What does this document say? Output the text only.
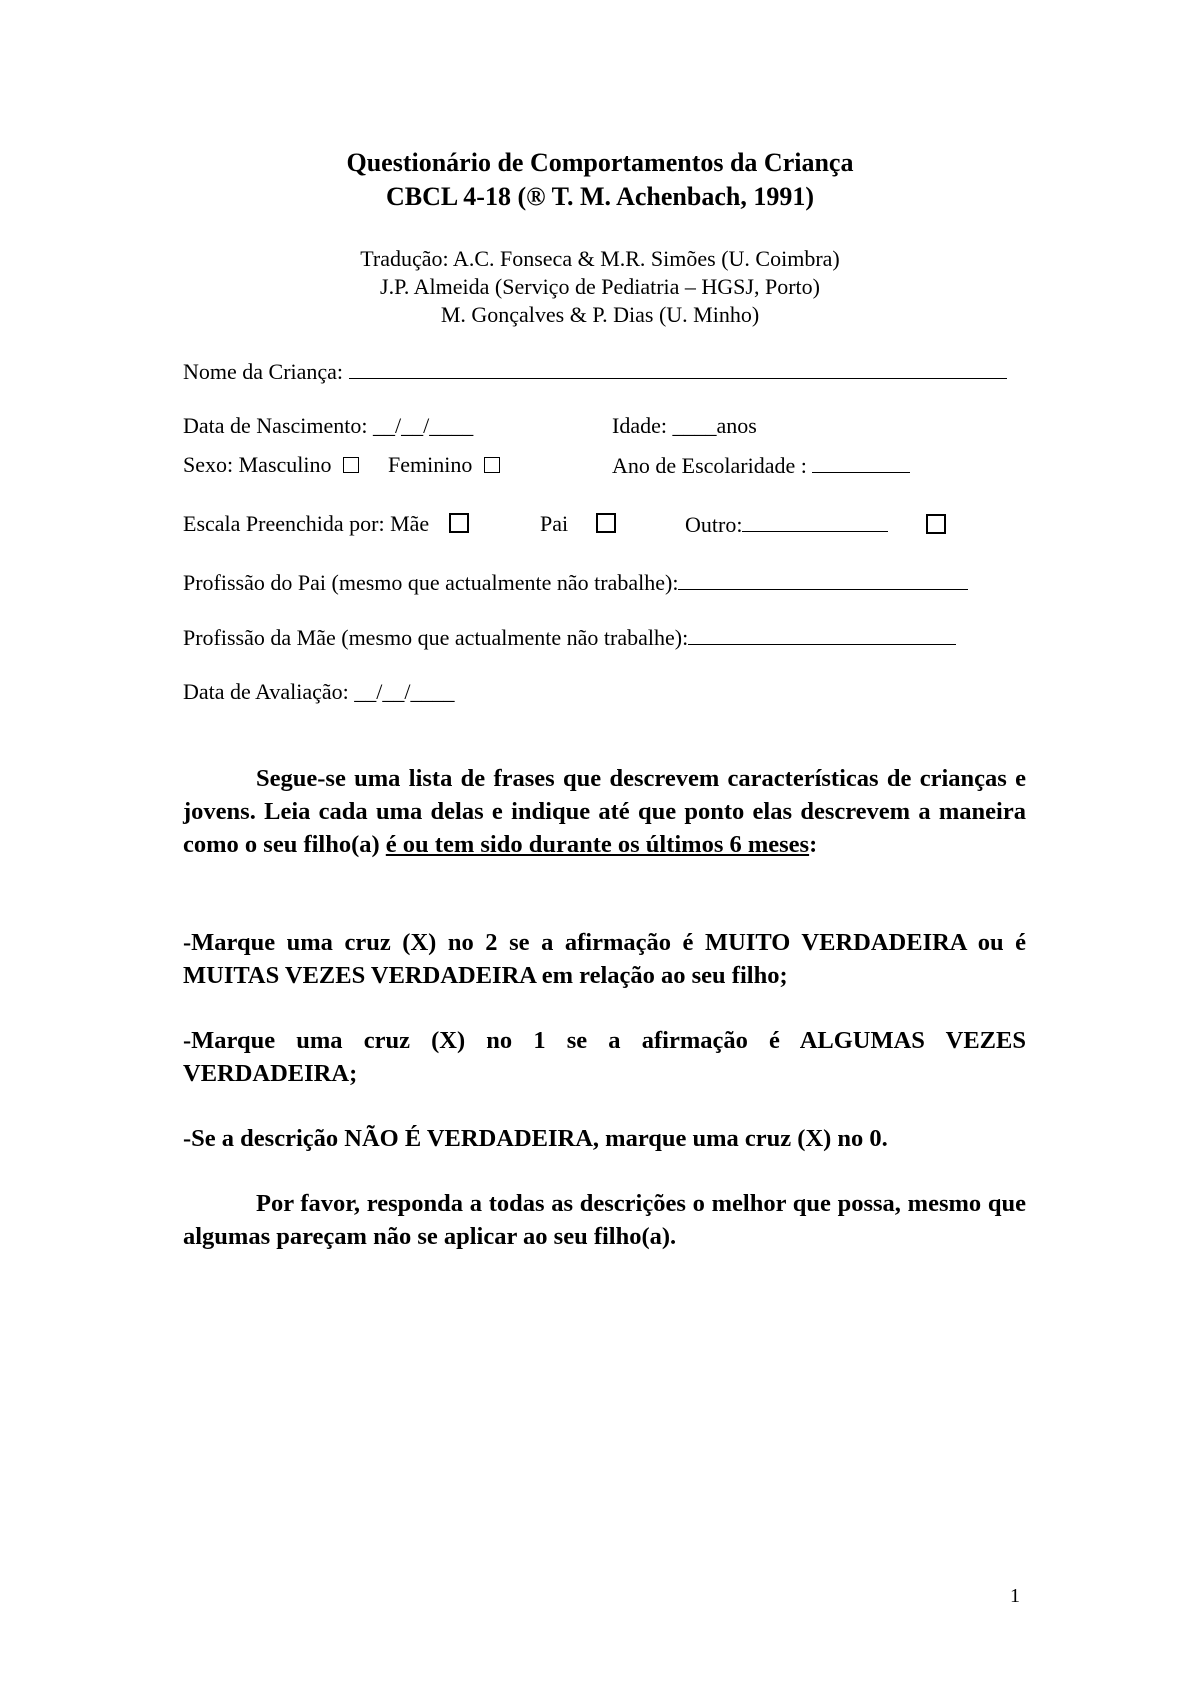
Questionário de Comportamentos da Criança
CBCL 4-18 (® T. M. Achenbach, 1991)
Tradução: A.C. Fonseca & M.R. Simões (U. Coimbra)
J.P. Almeida (Serviço de Pediatria – HGSJ, Porto)
M. Gonçalves & P. Dias (U. Minho)
Nome da Criança:
Data de Nascimento: __/__/____	Idade: ____anos
Sexo: Masculino	Feminino	Ano de Escolaridade :
Escala Preenchida por: Mãe	Pai	Outro:
Profissão do Pai (mesmo que actualmente não trabalhe):
Profissão da Mãe (mesmo que actualmente não trabalhe):
Data de Avaliação: __/__/____
Segue-se uma lista de frases que descrevem características de crianças e jovens. Leia cada uma delas e indique até que ponto elas descrevem a maneira como o seu filho(a) é ou tem sido durante os últimos 6 meses:
-Marque uma cruz (X) no 2 se a afirmação é MUITO VERDADEIRA ou é MUITAS VEZES VERDADEIRA em relação ao seu filho;
-Marque uma cruz (X) no 1 se a afirmação é ALGUMAS VEZES VERDADEIRA;
-Se a descrição NÃO É VERDADEIRA, marque uma cruz (X) no 0.
Por favor, responda a todas as descrições o melhor que possa, mesmo que algumas pareçam não se aplicar ao seu filho(a).
1
